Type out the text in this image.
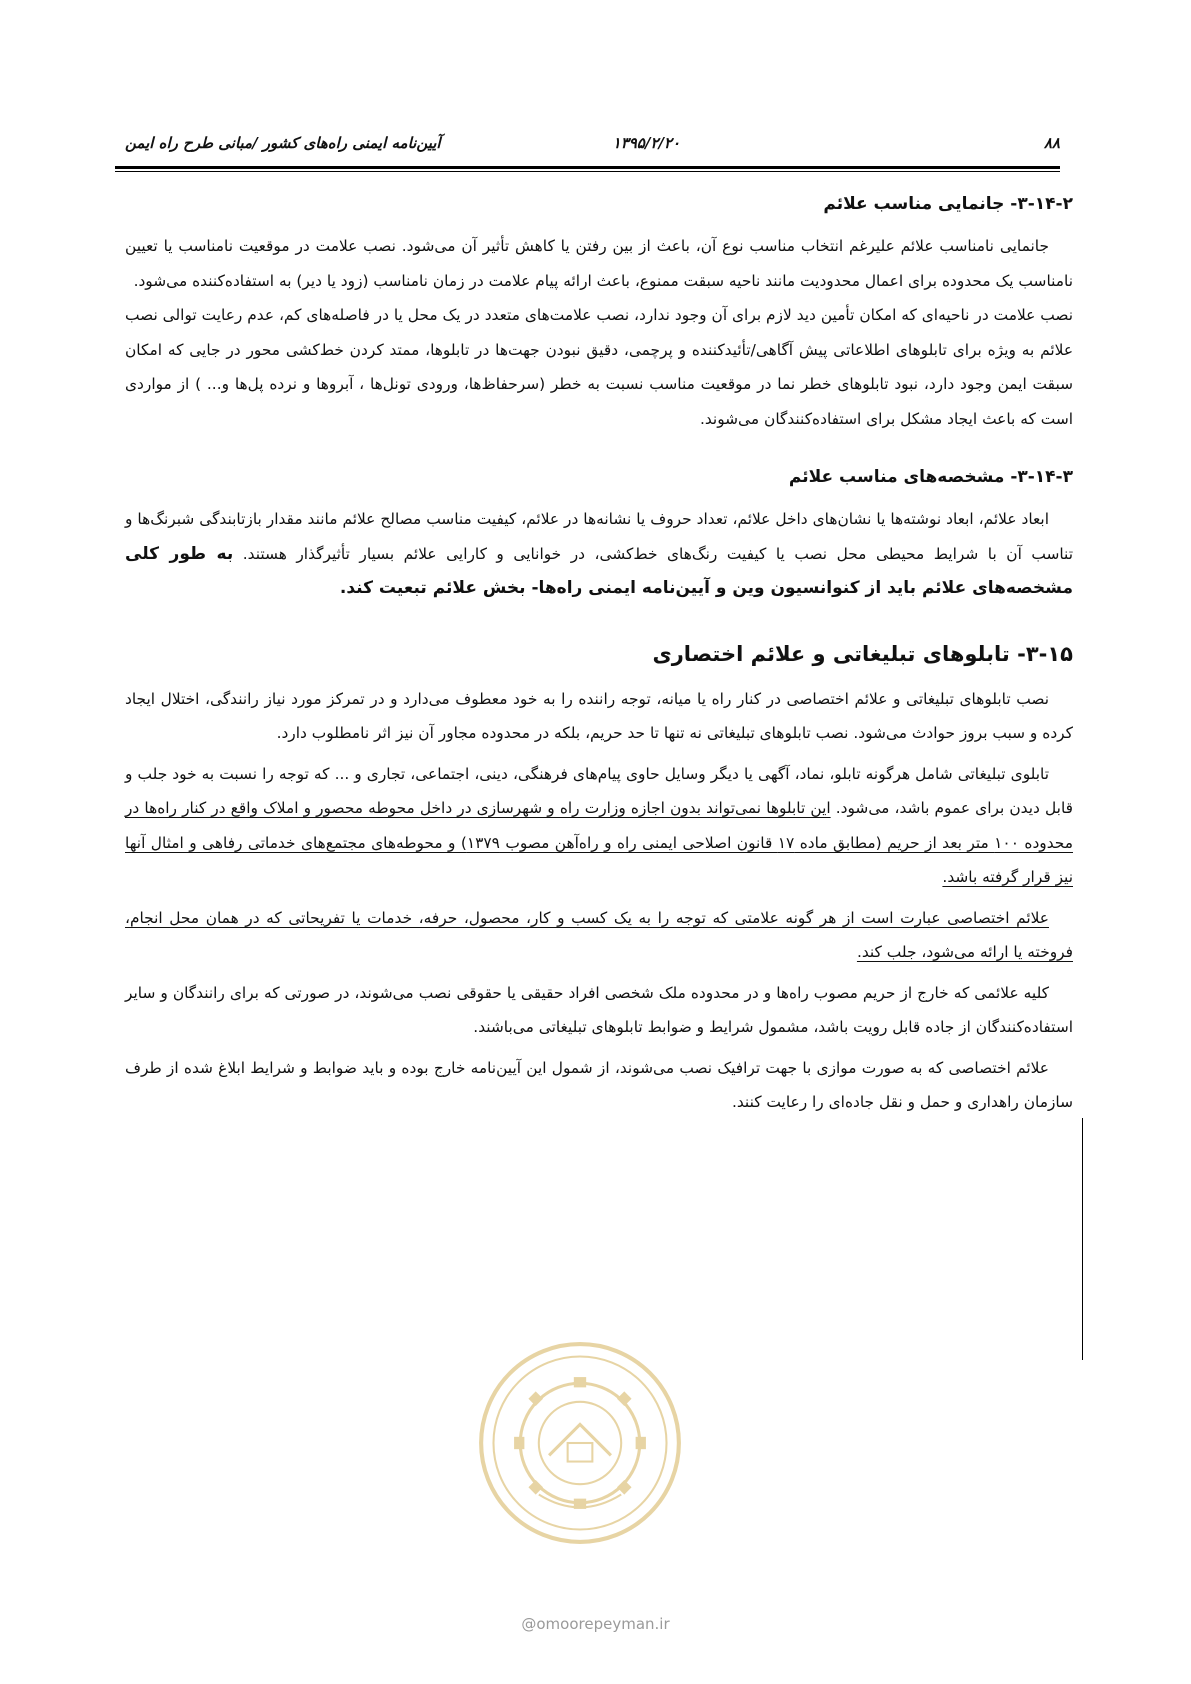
۸۸
۱۳۹۵/۲/۲۰
آیین‌نامه ایمنی راه‌های کشور /مبانی طرح راه ایمن
۳-۱۴-۲- جانمایی مناسب علائم

جانمایی نامناسب علائم علیرغم انتخاب مناسب نوع آن، باعث از بین رفتن یا کاهش تأثیر آن می‌شود. نصب علامت در موقعیت نامناسب یا تعیین نامناسب یک محدوده برای اعمال محدودیت مانند ناحیه سبقت ممنوع، باعث ارائه پیام علامت در زمان نامناسب (زود یا دیر) به استفاده‌کننده می‌شود.

نصب علامت در ناحیه‌ای که امکان تأمین دید لازم برای آن وجود ندارد، نصب علامت‌های متعدد در یک محل یا در فاصله‌های کم، عدم رعایت توالی نصب علائم به ویژه برای تابلوهای اطلاعاتی پیش آگاهی/تأئیدکننده و پرچمی، دقیق نبودن جهت‌ها در تابلوها، ممتد کردن خط‌کشی محور در جایی که امکان سبقت ایمن وجود دارد، نبود تابلوهای خطر نما در موقعیت مناسب نسبت به خطر (سرحفاظ‌ها، ورودی تونل‌ها ، آبروها و نرده پل‌ها و... ) از مواردی است که باعث ایجاد مشکل برای استفاده‌کنندگان می‌شوند.

۳-۱۴-۳- مشخصه‌های مناسب علائم

ابعاد علائم، ابعاد نوشته‌ها یا نشان‌های داخل علائم، تعداد حروف یا نشانه‌ها در علائم، کیفیت مناسب مصالح علائم مانند مقدار بازتابندگی شبرنگ‌ها و تناسب آن با شرایط محیطی محل نصب یا کیفیت رنگ‌های خط‌کشی، در خوانایی و کارایی علائم بسیار تأثیرگذار هستند. به طور کلی مشخصه‌های علائم باید از کنوانسیون وین و آیین‌نامه ایمنی راه‌ها- بخش علائم تبعیت کند.

۳-۱۵- تابلوهای تبلیغاتی و علائم اختصاری

نصب تابلوهای تبلیغاتی و علائم اختصاصی در کنار راه یا میانه، توجه راننده را به خود معطوف می‌دارد و در تمرکز مورد نیاز رانندگی، اختلال ایجاد کرده و سبب بروز حوادث می‌شود. نصب تابلوهای تبلیغاتی نه تنها تا حد حریم، بلکه در محدوده مجاور آن نیز اثر نامطلوب دارد.

تابلوی تبلیغاتی شامل هرگونه تابلو، نماد، آگهی یا دیگر وسایل حاوی پیام‌های فرهنگی، دینی، اجتماعی، تجاری و ... که توجه را نسبت به خود جلب و قابل دیدن برای عموم باشد، می‌شود. این تابلوها نمی‌تواند بدون اجازه وزارت راه و شهرسازی در داخل محوطه محصور و املاک واقع در کنار راه‌ها در محدوده ۱۰۰ متر بعد از حریم (مطابق ماده ۱۷ قانون اصلاحی ایمنی راه و راه‌آهن مصوب ۱۳۷۹) و محوطه‌های مجتمع‌های خدماتی رفاهی و امثال آنها نیز قرار گرفته باشد.

علائم اختصاصی عبارت است از هر گونه علامتی که توجه را به یک کسب و کار، محصول، حرفه، خدمات یا تفریحاتی که در همان محل انجام، فروخته یا ارائه می‌شود، جلب کند.

کلیه علائمی که خارج از حریم مصوب راه‌ها و در محدوده ملک شخصی افراد حقیقی یا حقوقی نصب می‌شوند، در صورتی که برای رانندگان و سایر استفاده‌کنندگان از جاده قابل رویت باشد، مشمول شرایط و ضوابط تابلوهای تبلیغاتی می‌باشند.

علائم اختصاصی که به صورت موازی با جهت ترافیک نصب می‌شوند، از شمول این آیین‌نامه خارج بوده و باید ضوابط و شرایط ابلاغ شده از طرف سازمان راهداری و حمل و نقل جاده‌ای را رعایت کنند.

@omoorepeyman.ir
